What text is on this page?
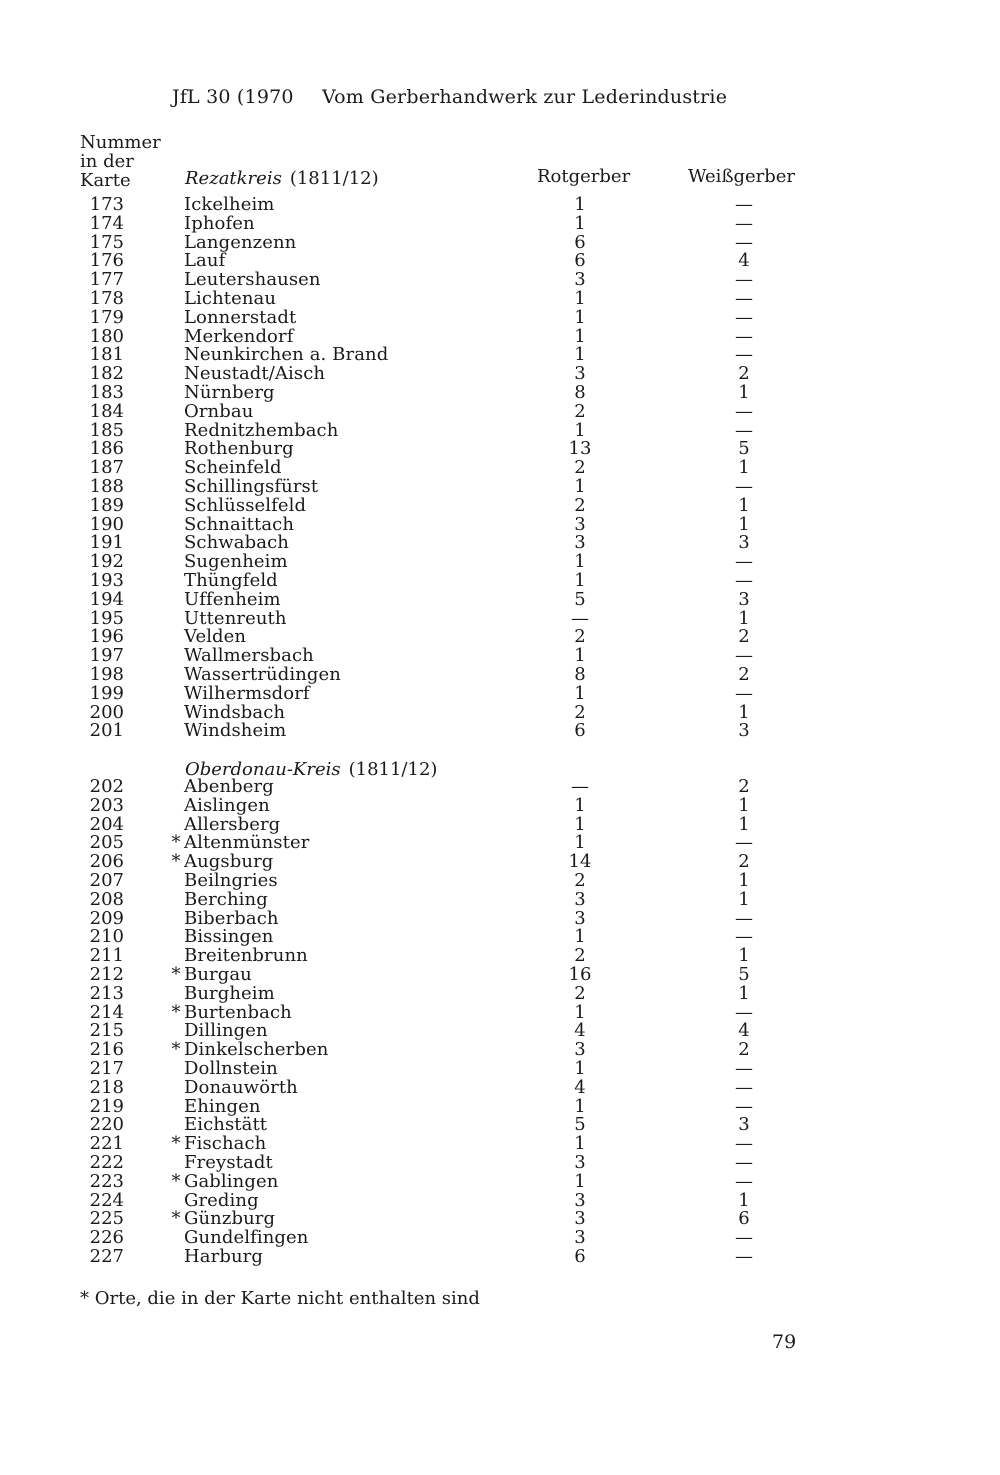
JfL 30 (1970 Vom Gerberhandwerk zur Lederindustrie
Nummer
in der
Karte	Rotgerber	Weißgerber
Rezatkreis (1811/12)
173	Ickelheim	1	—
174	Iphofen	1	—
175	Langenzenn	6	—
176	Lauf	6	4
177	Leutershausen	3	—
178	Lichtenau	1	—
179	Lonnerstadt	1	—
180	Merkendorf	1	—
181	Neunkirchen a. Brand	1	—
182	Neustadt/Aisch	3	2
183	Nürnberg	8	1
184	Ornbau	2	—
185	Rednitzhembach	1	—
186	Rothenburg	13	5
187	Scheinfeld	2	1
188	Schillingsfürst	1	—
189	Schlüsselfeld	2	1
190	Schnaittach	3	1
191	Schwabach	3	3
192	Sugenheim	1	—
193	Thüngfeld	1	—
194	Uffenheim	5	3
195	Uttenreuth	—	1
196	Velden	2	2
197	Wallmersbach	1	—
198	Wassertrüdingen	8	2
199	Wilhermsdorf	1	—
200	Windsbach	2	1
201	Windsheim	6	3
Oberdonau-Kreis (1811/12)
202	Abenberg	—	2
203	Aislingen	1	1
204	Allersberg	1	1
205	* Altenmünster	1	—
206	* Augsburg	14	2
207	Beilngries	2	1
208	Berching	3	1
209	Biberbach	3	—
210	Bissingen	1	—
211	Breitenbrunn	2	1
212	* Burgau	16	5
213	Burgheim	2	1
214	* Burtenbach	1	—
215	Dillingen	4	4
216	* Dinkelscherben	3	2
217	Dollnstein	1	—
218	Donauwörth	4	—
219	Ehingen	1	—
220	Eichstätt	5	3
221	* Fischach	1	—
222	Freystadt	3	—
223	* Gablingen	1	—
224	Greding	3	1
225	* Günzburg	3	6
226	Gundelfingen	3	—
227	Harburg	6	—
* Orte, die in der Karte nicht enthalten sind
79
